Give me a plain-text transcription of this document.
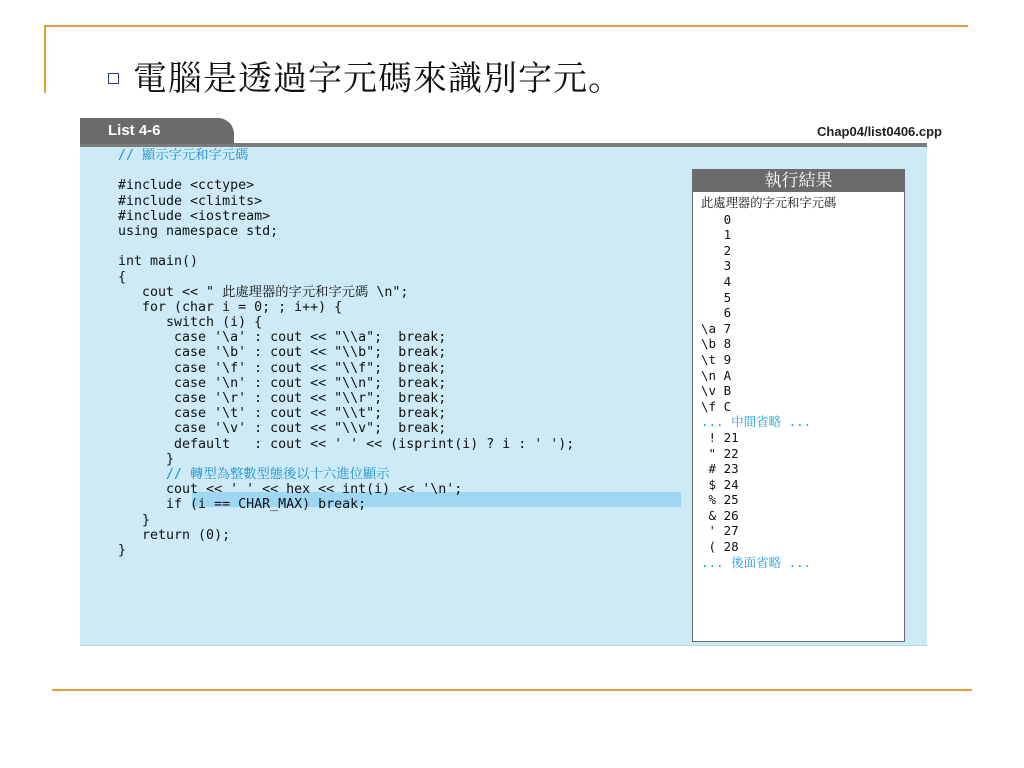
電腦是透過字元碼來識別字元。
List 4-6	Chap04/list0406.cpp
// 顯示字元和字元碼
#include <cctype>
#include <climits>
#include <iostream>
using namespace std;
int main()
{
cout << " 此處理器的字元和字元碼 \n";
for (char i = 0; ; i++) {
switch (i) {
case '\a' : cout << "\\a";  break;
case '\b' : cout << "\\b";  break;
case '\f' : cout << "\\f";  break;
case '\n' : cout << "\\n";  break;
case '\r' : cout << "\\r";  break;
case '\t' : cout << "\\t";  break;
case '\v' : cout << "\\v";  break;
default   : cout << ' ' << (isprint(i) ? i : ' ');
}
// 轉型為整數型態後以十六進位顯示
cout << ' ' << hex << int(i) << '\n';
if (i == CHAR_MAX) break;
}
return (0);
}
執行結果
此處理器的字元和字元碼
0
1
2
3
4
5
6
\a 7
\b 8
\t 9
\n A
\v B
\f C
... 中間省略 ...
! 21
" 22
# 23
$ 24
% 25
& 26
' 27
( 28
... 後面省略 ...
